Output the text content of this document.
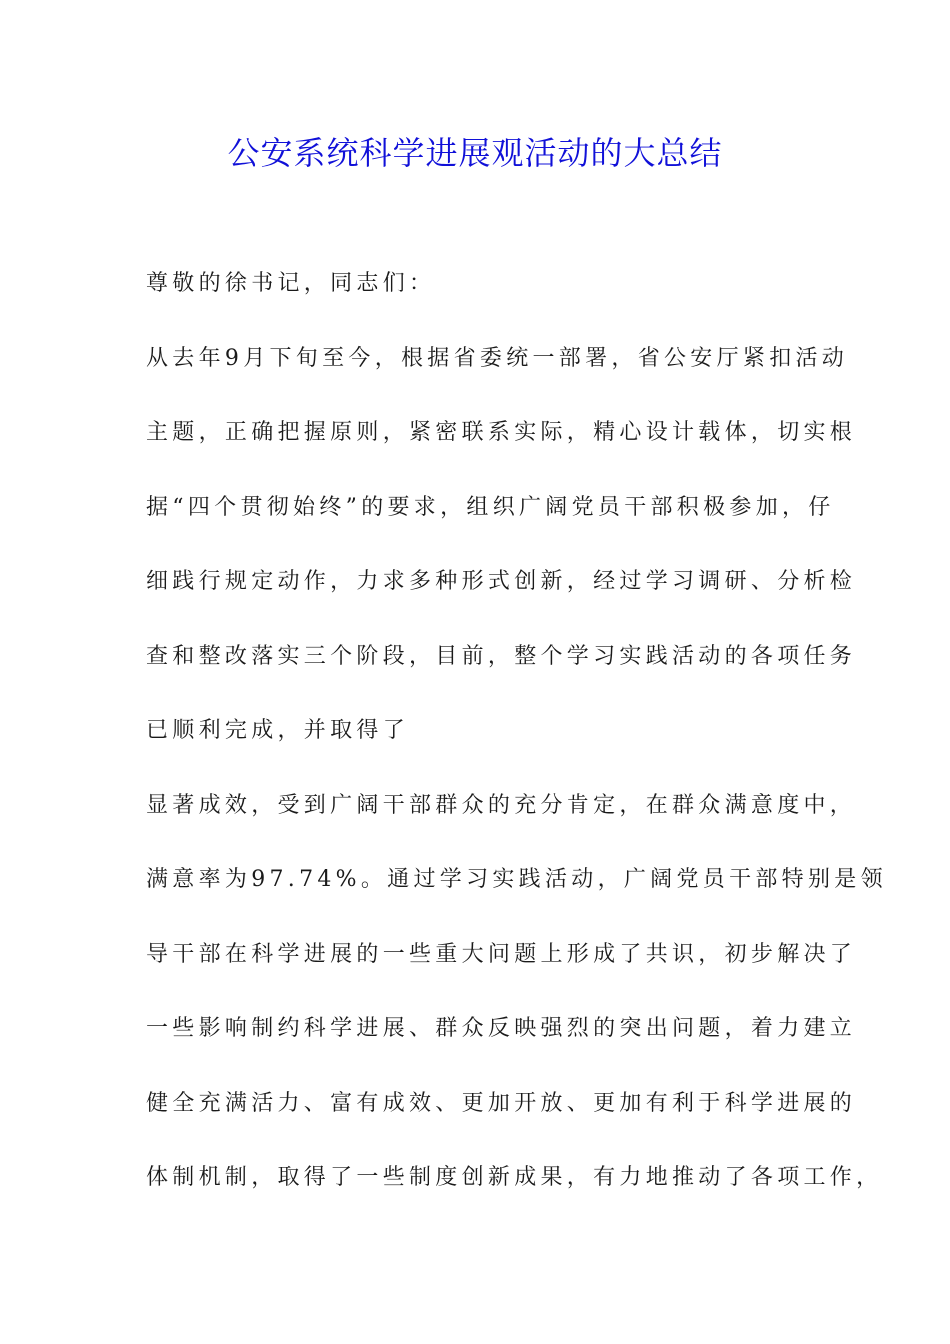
公安系统科学进展观活动的大总结
尊敬的徐书记，同志们：
从去年9月下旬至今，根据省委统一部署，省公安厅紧扣活动
主题，正确把握原则，紧密联系实际，精心设计载体，切实根
据“四个贯彻始终”的要求，组织广阔党员干部积极参加，仔
细践行规定动作，力求多种形式创新，经过学习调研、分析检
查和整改落实三个阶段，目前，整个学习实践活动的各项任务
已顺利完成，并取得了
显著成效，受到广阔干部群众的充分肯定，在群众满意度中，
满意率为97.74%。通过学习实践活动，广阔党员干部特别是领
导干部在科学进展的一些重大问题上形成了共识，初步解决了
一些影响制约科学进展、群众反映强烈的突出问题，着力建立
健全充满活力、富有成效、更加开放、更加有利于科学进展的
体制机制，取得了一些制度创新成果，有力地推动了各项工作，
